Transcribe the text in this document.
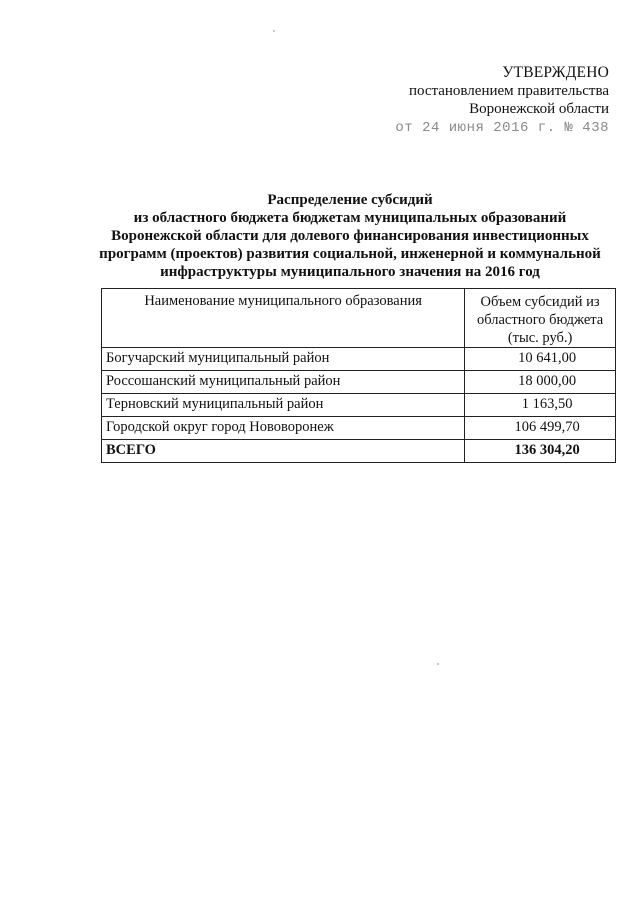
УТВЕРЖДЕНО
постановлением правительства
Воронежской области
от 24 июня 2016 г. № 438
Распределение субсидий
из областного бюджета бюджетам муниципальных образований
Воронежской области для долевого финансирования инвестиционных
программ (проектов) развития социальной, инженерной и коммунальной
инфраструктуры муниципального значения на 2016 год
Наименование муниципального образования	Объем субсидий из областного бюджета (тыс. руб.)
Богучарский муниципальный район	10 641,00
Россошанский муниципальный район	18 000,00
Терновский муниципальный район	1 163,50
Городской округ город Нововоронеж	106 499,70
ВСЕГО	136 304,20
